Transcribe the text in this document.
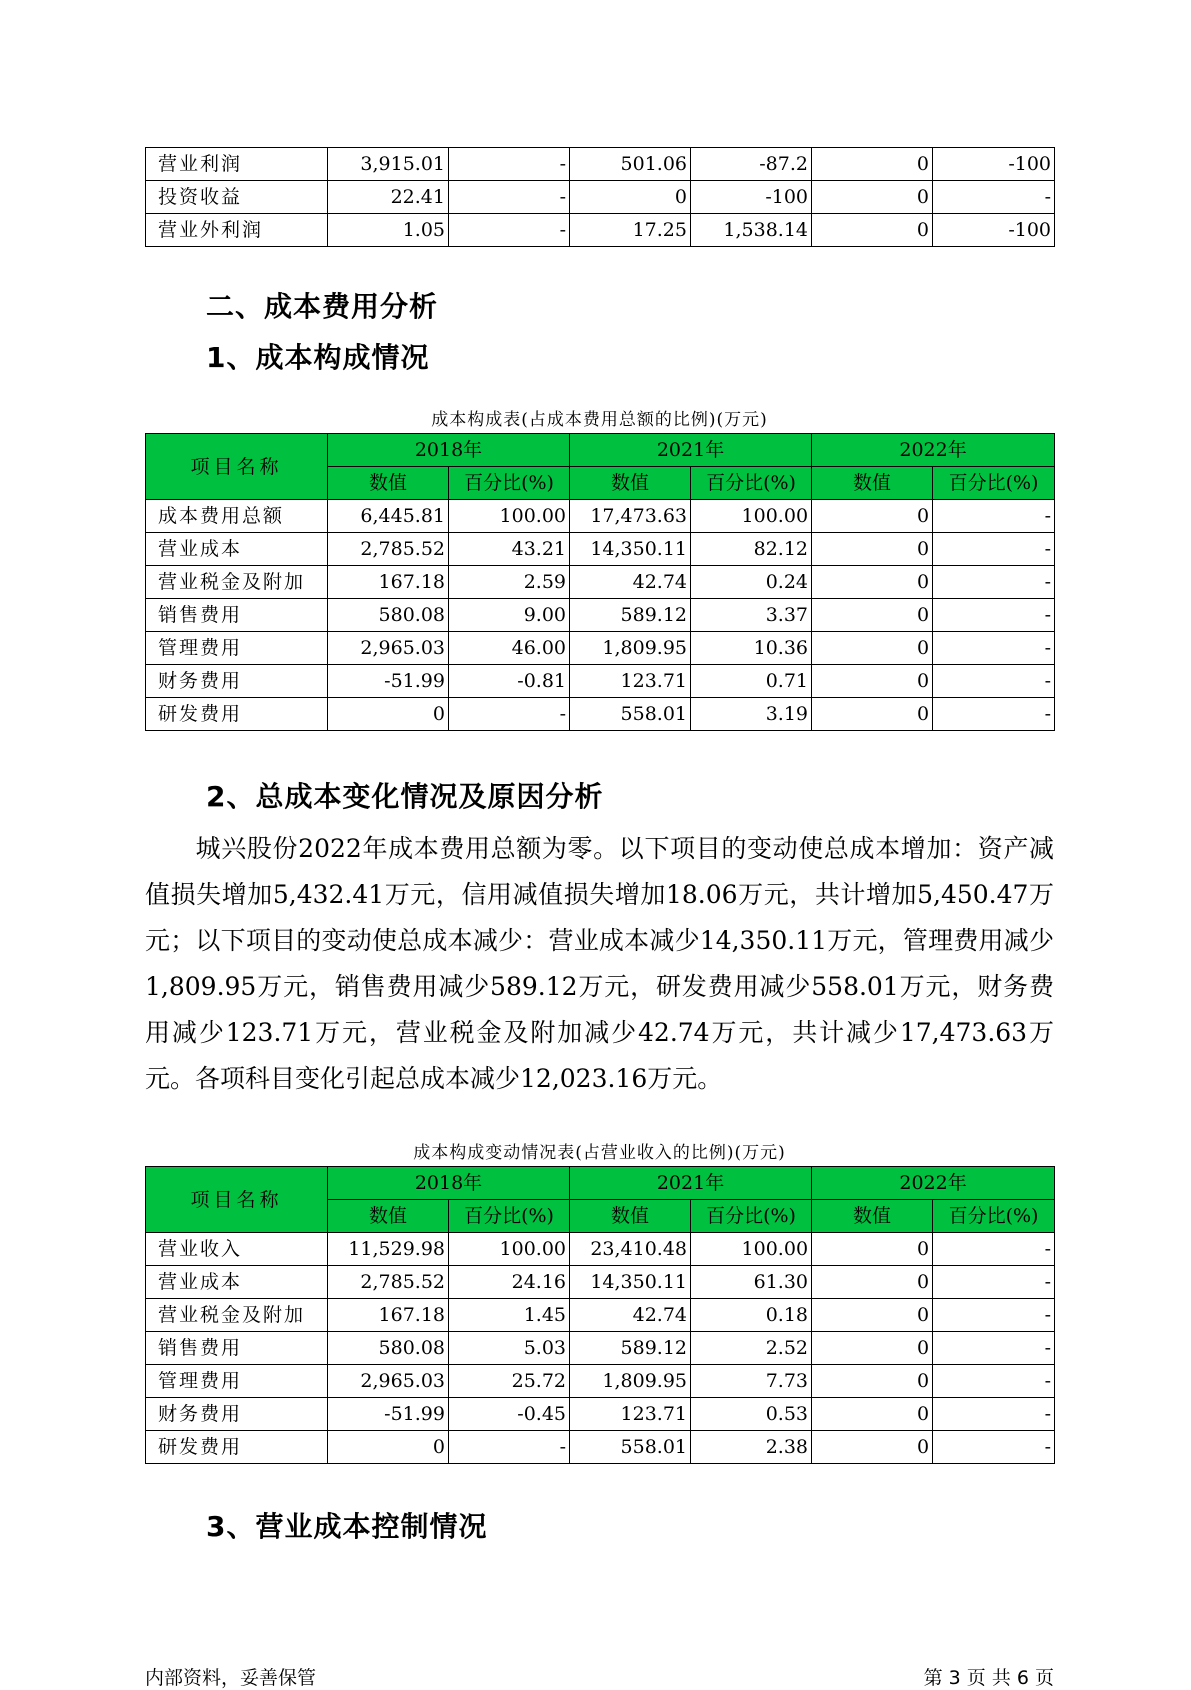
营业利润	3,915.01	-	501.06	-87.2	0	-100
投资收益	22.41	-	0	-100	0	-
营业外利润	1.05	-	17.25	1,538.14	0	-100
二、成本费用分析
1、成本构成情况
成本构成表(占成本费用总额的比例)(万元)
项目名称	2018年		2021年		2022年	
	数值	百分比(%)	数值	百分比(%)	数值	百分比(%)
成本费用总额	6,445.81	100.00	17,473.63	100.00	0	-
营业成本	2,785.52	43.21	14,350.11	82.12	0	-
营业税金及附加	167.18	2.59	42.74	0.24	0	-
销售费用	580.08	9.00	589.12	3.37	0	-
管理费用	2,965.03	46.00	1,809.95	10.36	0	-
财务费用	-51.99	-0.81	123.71	0.71	0	-
研发费用	0	-	558.01	3.19	0	-
2、总成本变化情况及原因分析
城兴股份2022年成本费用总额为零。以下项目的变动使总成本增加：资产减值损失增加5,432.41万元，信用减值损失增加18.06万元，共计增加5,450.47万元；以下项目的变动使总成本减少：营业成本减少14,350.11万元，管理费用减少1,809.95万元，销售费用减少589.12万元，研发费用减少558.01万元，财务费用减少123.71万元，营业税金及附加减少42.74万元，共计减少17,473.63万元。各项科目变化引起总成本减少12,023.16万元。
成本构成变动情况表(占营业收入的比例)(万元)
项目名称	2018年		2021年		2022年	
	数值	百分比(%)	数值	百分比(%)	数值	百分比(%)
营业收入	11,529.98	100.00	23,410.48	100.00	0	-
营业成本	2,785.52	24.16	14,350.11	61.30	0	-
营业税金及附加	167.18	1.45	42.74	0.18	0	-
销售费用	580.08	5.03	589.12	2.52	0	-
管理费用	2,965.03	25.72	1,809.95	7.73	0	-
财务费用	-51.99	-0.45	123.71	0.53	0	-
研发费用	0	-	558.01	2.38	0	-
3、营业成本控制情况
内部资料，妥善保管	第 3 页 共 6 页
